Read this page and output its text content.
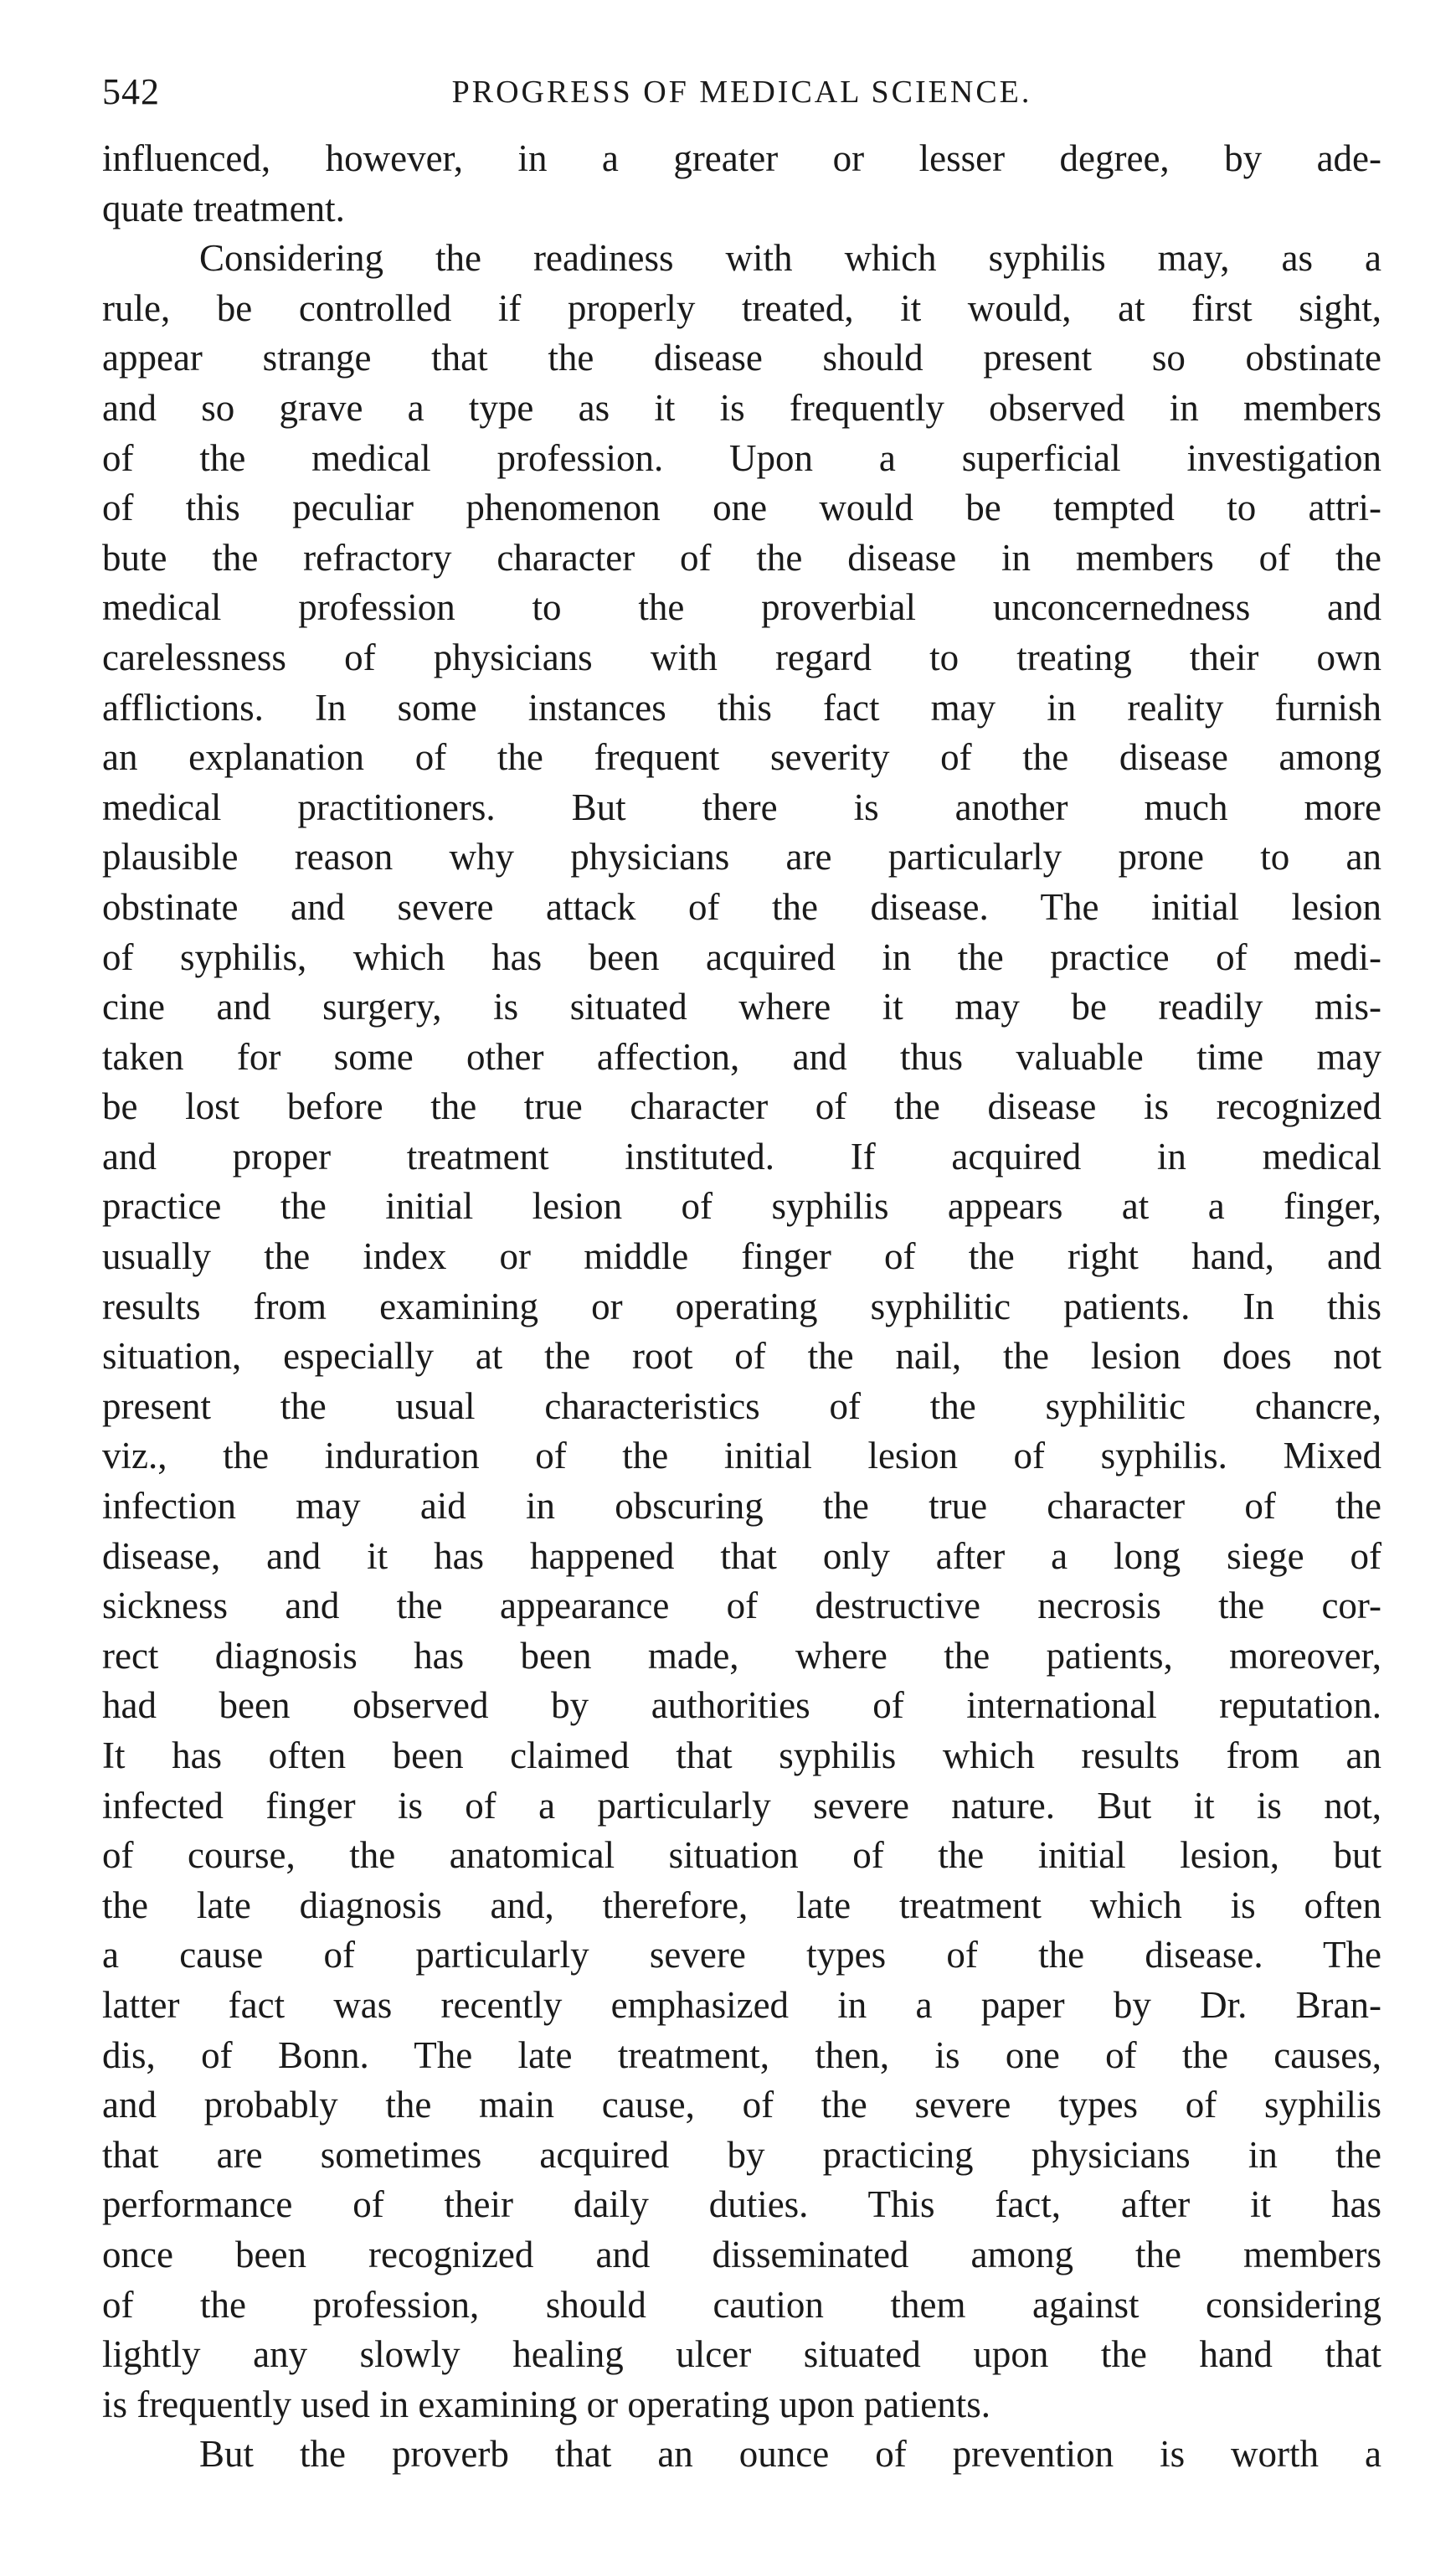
542	PROGRESS OF MEDICAL SCIENCE.
influenced, however, in a greater or lesser degree, by ade-
quate treatment.
Considering the readiness with which syphilis may, as a
rule, be controlled if properly treated, it would, at first sight,
appear strange that the disease should present so obstinate
and so grave a type as it is frequently observed in members
of the medical profession. Upon a superficial investigation
of this peculiar phenomenon one would be tempted to attri-
bute the refractory character of the disease in members of the
medical profession to the proverbial unconcernedness and
carelessness of physicians with regard to treating their own
afflictions. In some instances this fact may in reality furnish
an explanation of the frequent severity of the disease among
medical practitioners. But there is another much more
plausible reason why physicians are particularly prone to an
obstinate and severe attack of the disease. The initial lesion
of syphilis, which has been acquired in the practice of medi-
cine and surgery, is situated where it may be readily mis-
taken for some other affection, and thus valuable time may
be lost before the true character of the disease is recognized
and proper treatment instituted. If acquired in medical
practice the initial lesion of syphilis appears at a finger,
usually the index or middle finger of the right hand, and
results from examining or operating syphilitic patients. In this
situation, especially at the root of the nail, the lesion does not
present the usual characteristics of the syphilitic chancre,
viz., the induration of the initial lesion of syphilis. Mixed
infection may aid in obscuring the true character of the
disease, and it has happened that only after a long siege of
sickness and the appearance of destructive necrosis the cor-
rect diagnosis has been made, where the patients, moreover,
had been observed by authorities of international reputation.
It has often been claimed that syphilis which results from an
infected finger is of a particularly severe nature. But it is not,
of course, the anatomical situation of the initial lesion, but
the late diagnosis and, therefore, late treatment which is often
a cause of particularly severe types of the disease. The
latter fact was recently emphasized in a paper by Dr. Bran-
dis, of Bonn. The late treatment, then, is one of the causes,
and probably the main cause, of the severe types of syphilis
that are sometimes acquired by practicing physicians in the
performance of their daily duties. This fact, after it has
once been recognized and disseminated among the members
of the profession, should caution them against considering
lightly any slowly healing ulcer situated upon the hand that
is frequently used in examining or operating upon patients.
But the proverb that an ounce of prevention is worth a
